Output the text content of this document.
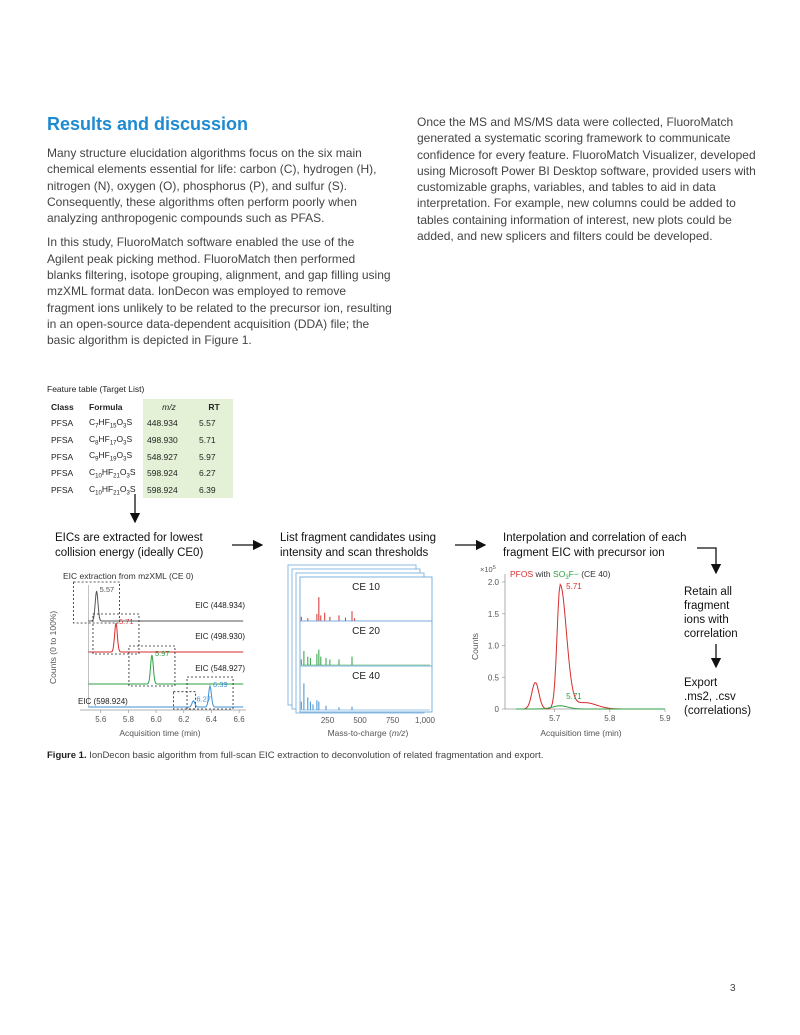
Results and discussion

Many structure elucidation algorithms focus on the six main chemical elements essential for life: carbon (C), hydrogen (H), nitrogen (N), oxygen (O), phosphorus (P), and sulfur (S). Consequently, these algorithms often perform poorly when analyzing anthropogenic compounds such as PFAS.

In this study, FluoroMatch software enabled the use of the Agilent peak picking method. FluoroMatch then performed blanks filtering, isotope grouping, alignment, and gap filling using mzXML format data. IonDecon was employed to remove fragment ions unlikely to be related to the precursor ion, resulting in an open-source data-dependent acquisition (DDA) file; the basic algorithm is depicted in Figure 1.

Once the MS and MS/MS data were collected, FluoroMatch generated a systematic scoring framework to communicate confidence for every feature. FluoroMatch Visualizer, developed using Microsoft Power BI Desktop software, provided users with customizable graphs, variables, and tables to aid in data interpretation. For example, new columns could be added to tables containing information of interest, new plots could be added, and new splicers and filters could be developed.

Feature table (Target List)
Class	Formula	m/z	RT
PFSA	$C_7HF_{15}O_3S$	448.934	5.57
PFSA	$C_8HF_{17}O_3S$	498.930	5.71
PFSA	$C_9HF_{19}O_3S$	548.927	5.97
PFSA	$C_{10}HF_{21}O_3S$	598.924	6.27
PFSA	$C_{10}HF_{21}O_3S$	598.924	6.39
EICs are extracted for lowest
collision energy (ideally CE0)
List fragment candidates using
intensity and scan thresholds
Interpolation and correlation of each
fragment EIC with precursor ion
Retain all
fragment
ions with
correlation
Export
.ms2, .csv
(correlations)
EIC extraction from mzXML (CE 0)
Counts (0 to 100%)
5.57
EIC (448.934)
5.71
EIC (498.930)
5.97
EIC (548.927)
6.27
6.39
EIC (598.924)
5.6 5.8 6.0 6.2 6.4 6.6
Acquisition time (min)
CE 10
CE 20
CE 40
250 500 750 1,000
Mass-to-charge (m/z)
$\times 10^5$
PFOS with $SO_3F- (CE$ 40)
Counts
0
0.5
1.0
1.5
2.0
5.7	5.8	5.9
5.71
5.71
Acquisition time (min)
Figure 1. IonDecon basic algorithm from full-scan EIC extraction to deconvolution of related fragmentation and export.
3
